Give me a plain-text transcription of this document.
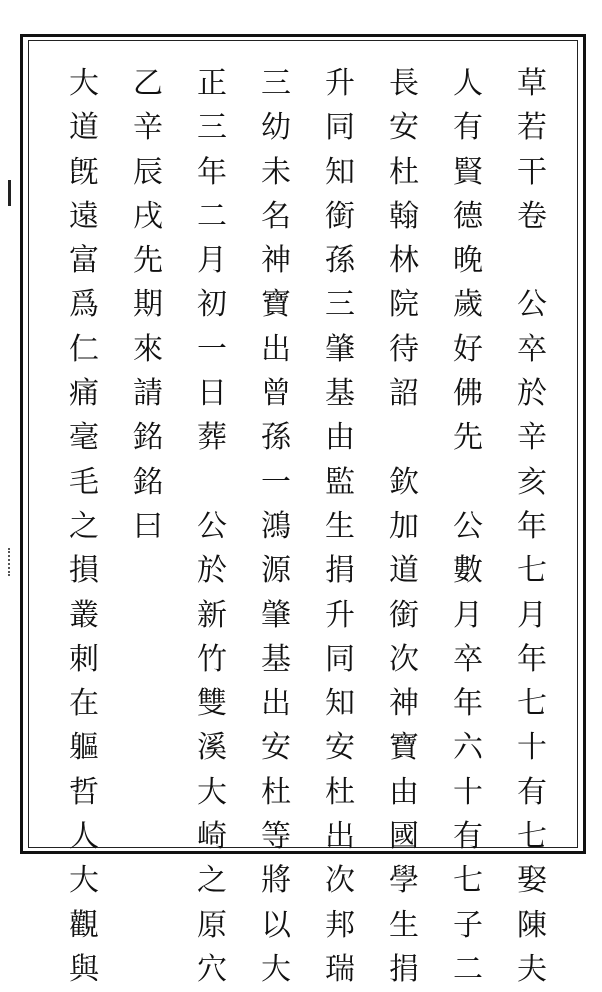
草
若
干
卷

公
卒
於
辛
亥
年
七
月
年
七
十
有
七
娶
陳
夫
人
有
賢
德
晚
歲
好
佛
先

公
數
月
卒
年
六
十
有
七
子
二
長
安
杜
翰
林
院
待
詔

欽
加
道
銜
次
神
寶
由
國
學
生
捐
升
同
知
銜
孫
三
肇
基
由
監
生
捐
升
同
知
安
杜
出
次
邦
瑞
三
幼
未
名
神
寶
出
曾
孫
一
鴻
源
肇
基
出
安
杜
等
將
以
大
正
三
年
二
月
初
一
日
葬

公
於
新
竹
雙
溪
大
崎
之
原
穴
乙
辛
辰
戌
先
期
來
請
銘
銘
曰
大
道
旣
遠
富
爲
仁
痛
毫
毛
之
損
叢
刺
在
軀
哲
人
大
觀
與
